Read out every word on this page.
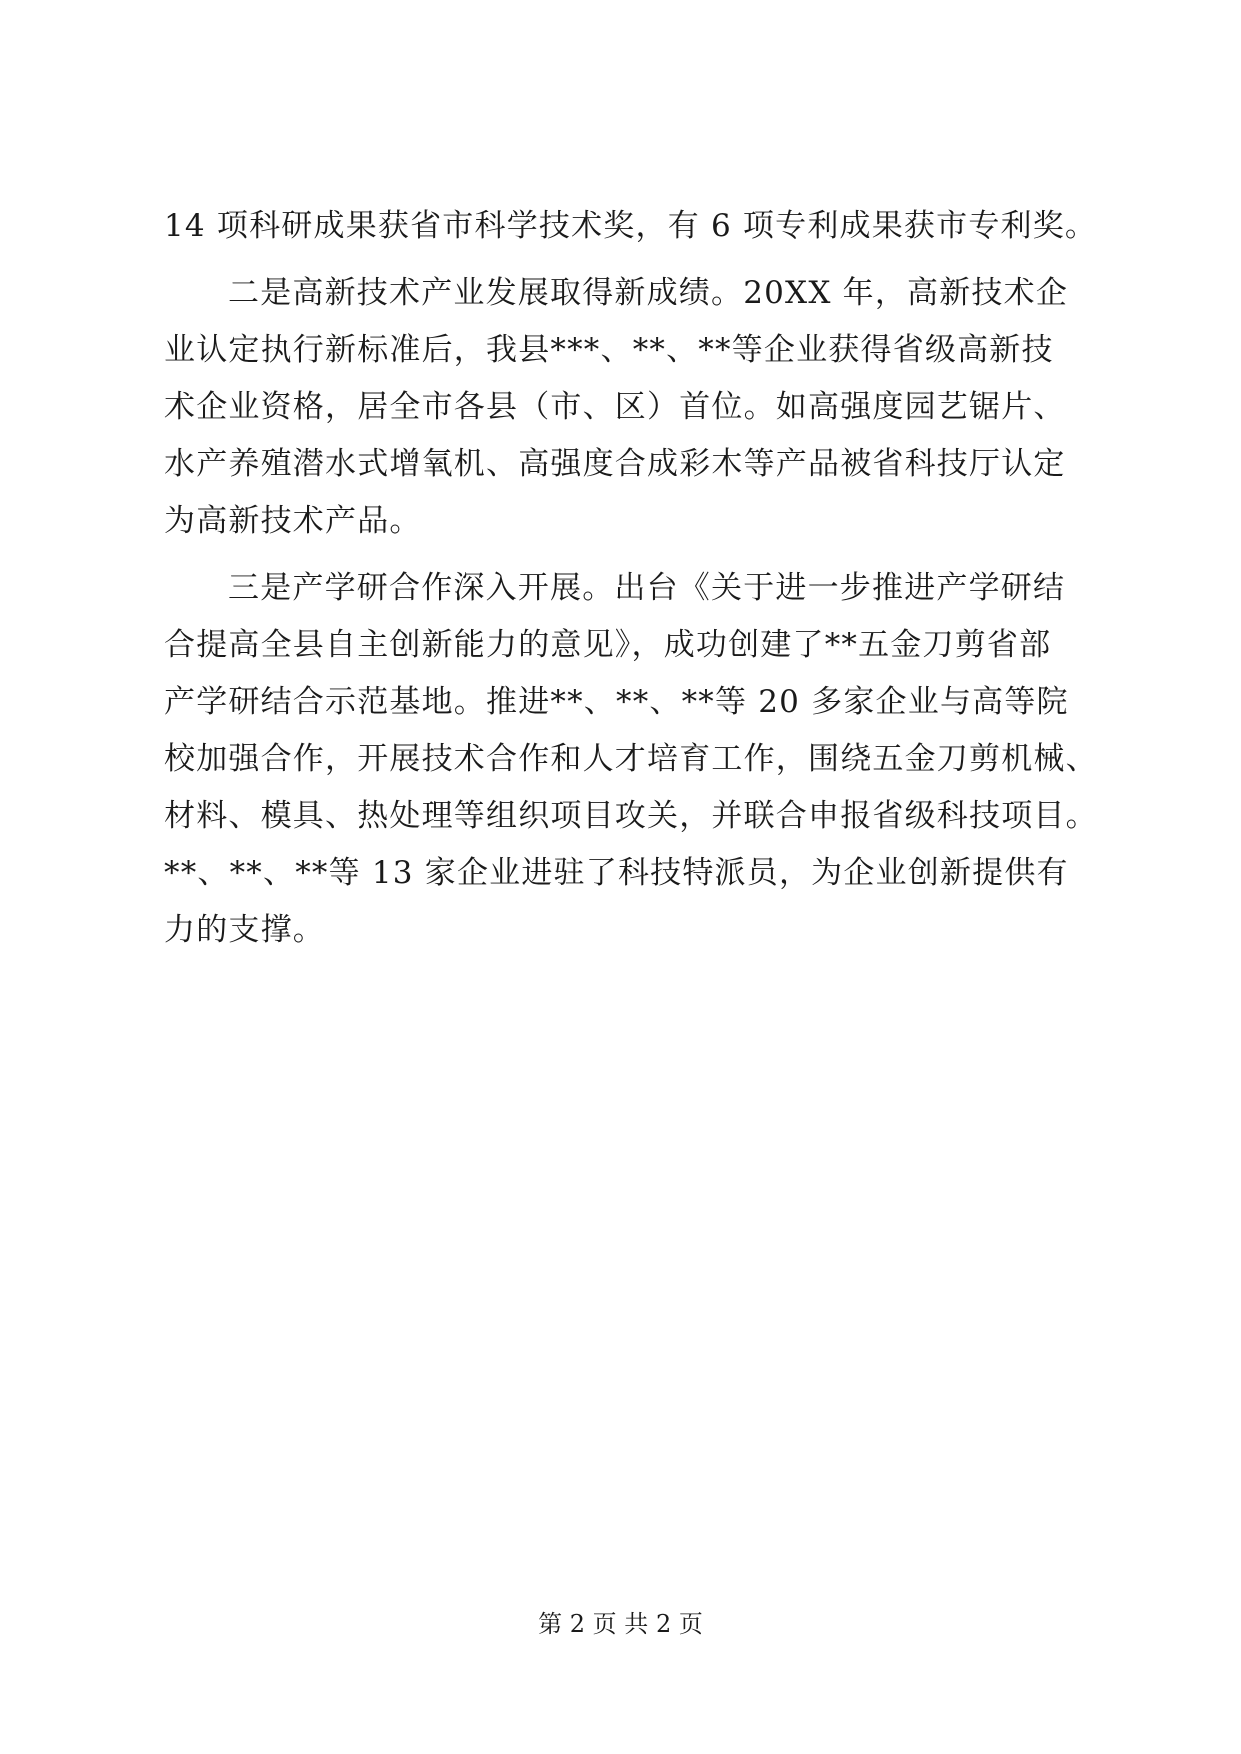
14 项科研成果获省市科学技术奖，有 6 项专利成果获市专利奖。
二是高新技术产业发展取得新成绩。20XX 年，高新技术企
业认定执行新标准后，我县***、**、**等企业获得省级高新技
术企业资格，居全市各县（市、区）首位。如高强度园艺锯片、
水产养殖潜水式增氧机、高强度合成彩木等产品被省科技厅认定
为高新技术产品。
三是产学研合作深入开展。出台《关于进一步推进产学研结
合提高全县自主创新能力的意见》，成功创建了**五金刀剪省部
产学研结合示范基地。推进**、**、**等 20 多家企业与高等院
校加强合作，开展技术合作和人才培育工作，围绕五金刀剪机械、
材料、模具、热处理等组织项目攻关，并联合申报省级科技项目。
**、**、**等 13 家企业进驻了科技特派员，为企业创新提供有
力的支撑。
第 2 页 共 2 页
